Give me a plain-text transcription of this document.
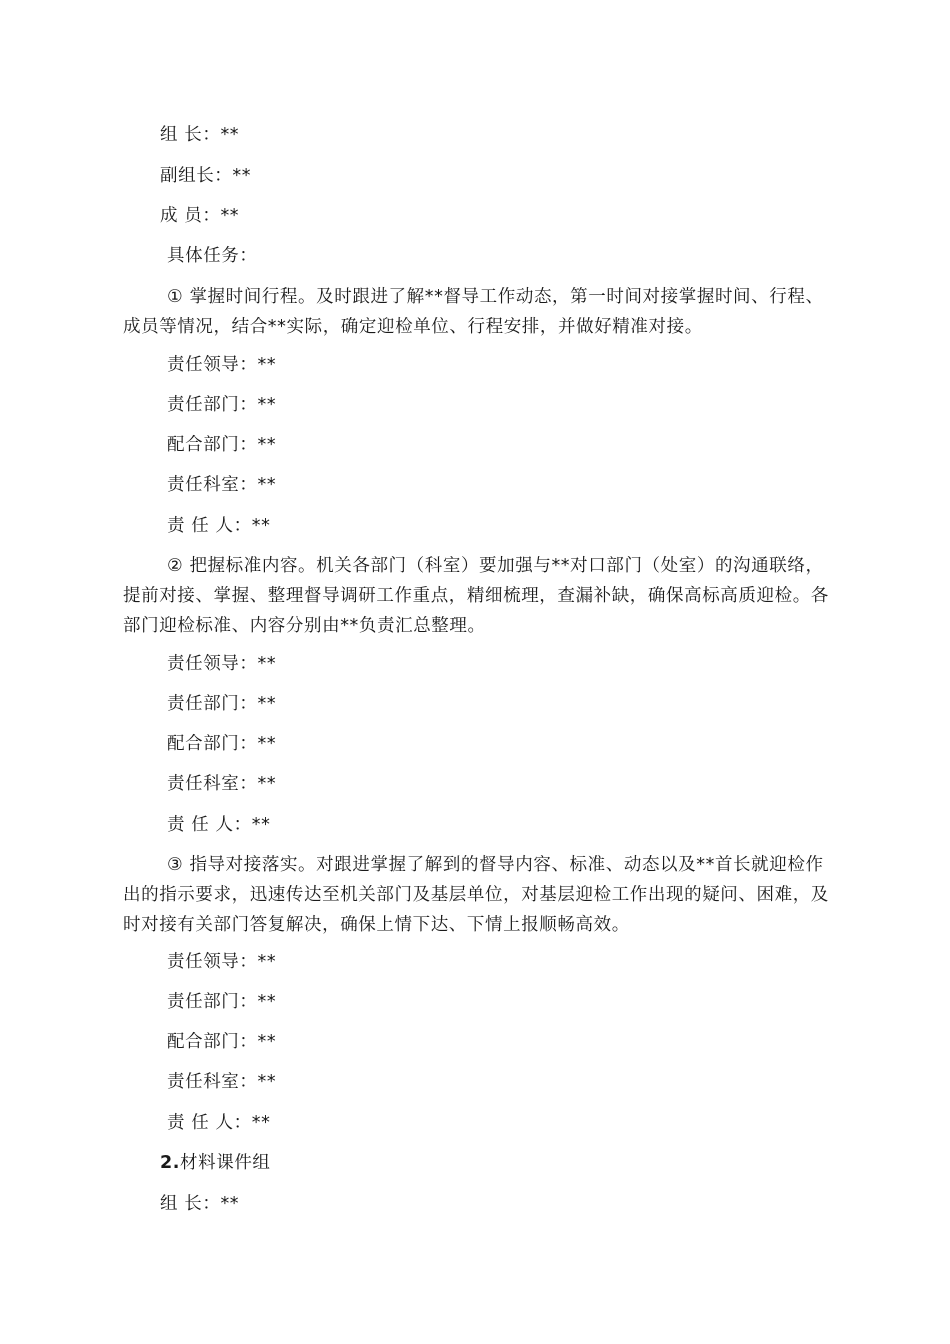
组 长：**
副组长：**
成 员：**
具体任务：

① 掌握时间行程。及时跟进了解**督导工作动态，第一时间对接掌握时间、行程、成员等情况，结合**实际，确定迎检单位、行程安排，并做好精准对接。

责任领导：**
责任部门：**
配合部门：**
责任科室：**
责 任 人：**

② 把握标准内容。机关各部门（科室）要加强与**对口部门（处室）的沟通联络，提前对接、掌握、整理督导调研工作重点，精细梳理，查漏补缺，确保高标高质迎检。各部门迎检标准、内容分别由**负责汇总整理。

责任领导：**
责任部门：**
配合部门：**
责任科室：**
责 任 人：**

③ 指导对接落实。对跟进掌握了解到的督导内容、标准、动态以及**首长就迎检作出的指示要求，迅速传达至机关部门及基层单位，对基层迎检工作出现的疑问、困难，及时对接有关部门答复解决，确保上情下达、下情上报顺畅高效。

责任领导：**
责任部门：**
配合部门：**
责任科室：**
责 任 人：**
2.材料课件组
组 长：**
